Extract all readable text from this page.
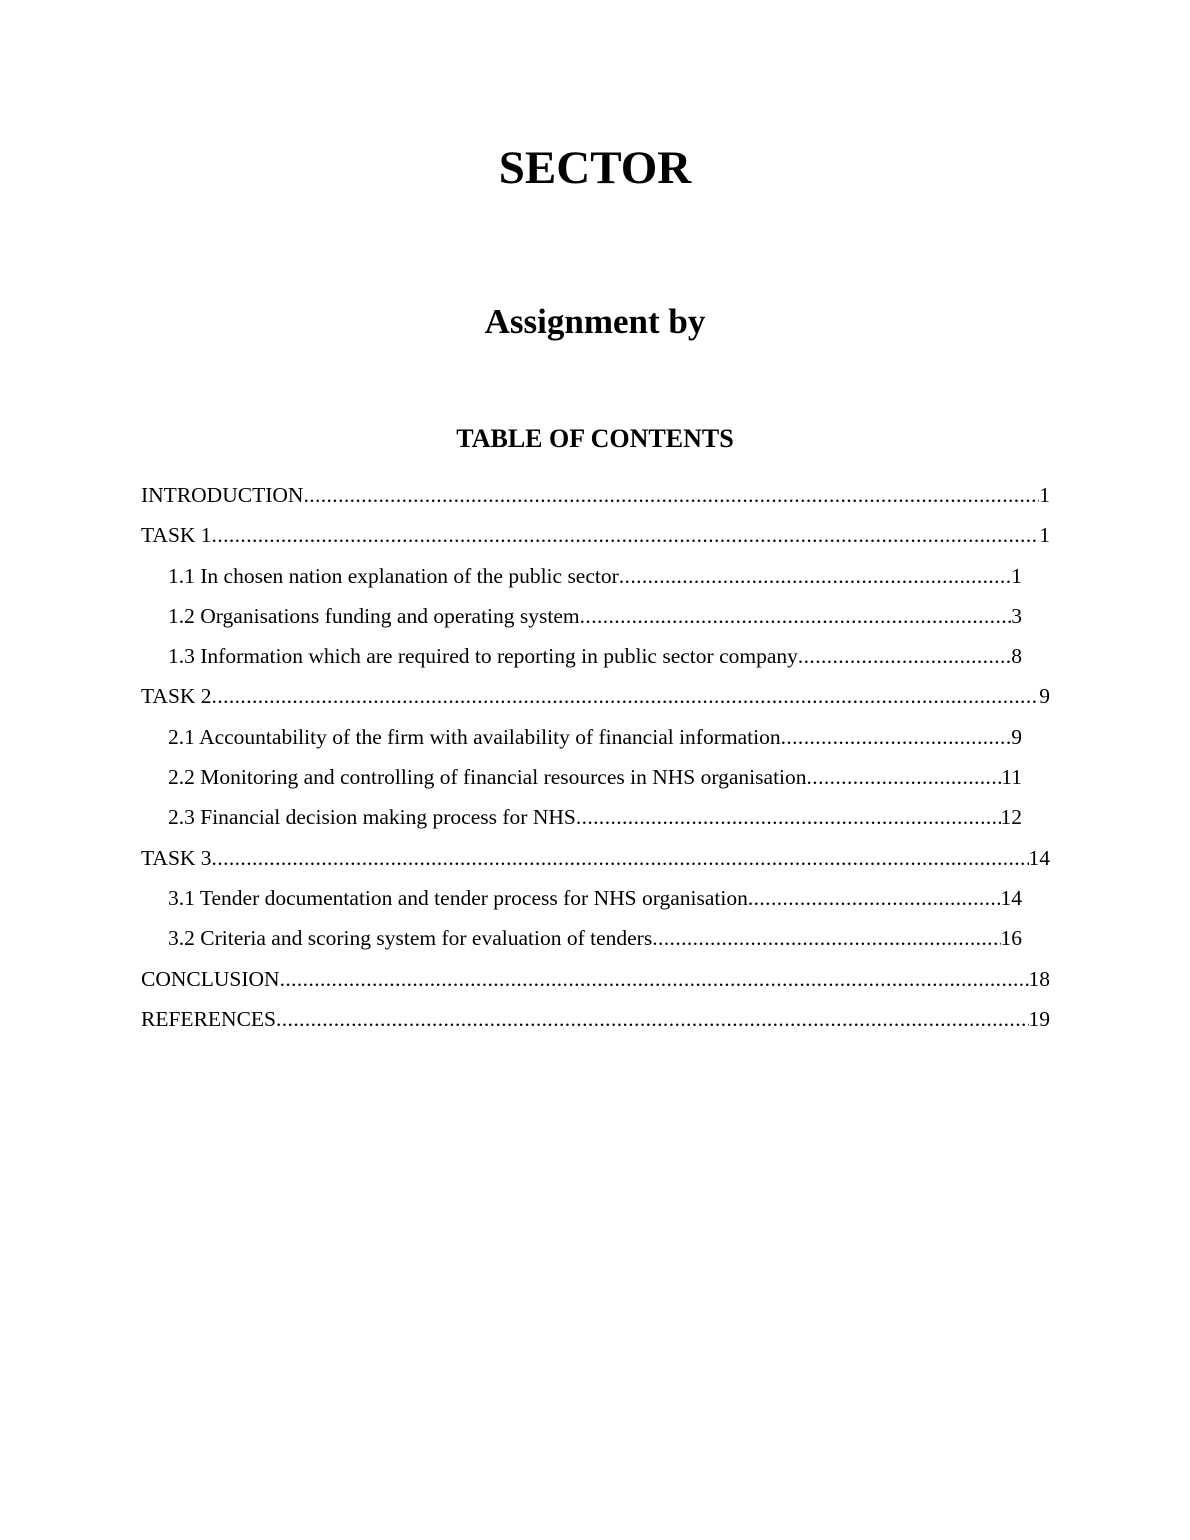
SECTOR
Assignment by
TABLE OF CONTENTS
INTRODUCTION .....	1
TASK 1 .....	1
1.1 In chosen nation explanation of the public sector .....	1
1.2 Organisations funding and operating system .....	3
1.3 Information which are required to reporting in public sector company .....	8
TASK 2 .....	9
2.1 Accountability of the firm with availability of financial information .....	9
2.2 Monitoring and controlling of financial resources in NHS organisation .....	11
2.3 Financial decision making process for NHS .....	12
TASK 3 .....	14
3.1 Tender documentation and tender process for NHS organisation .....	14
3.2 Criteria and scoring system for evaluation of tenders .....	16
CONCLUSION .....	18
REFERENCES .....	19
